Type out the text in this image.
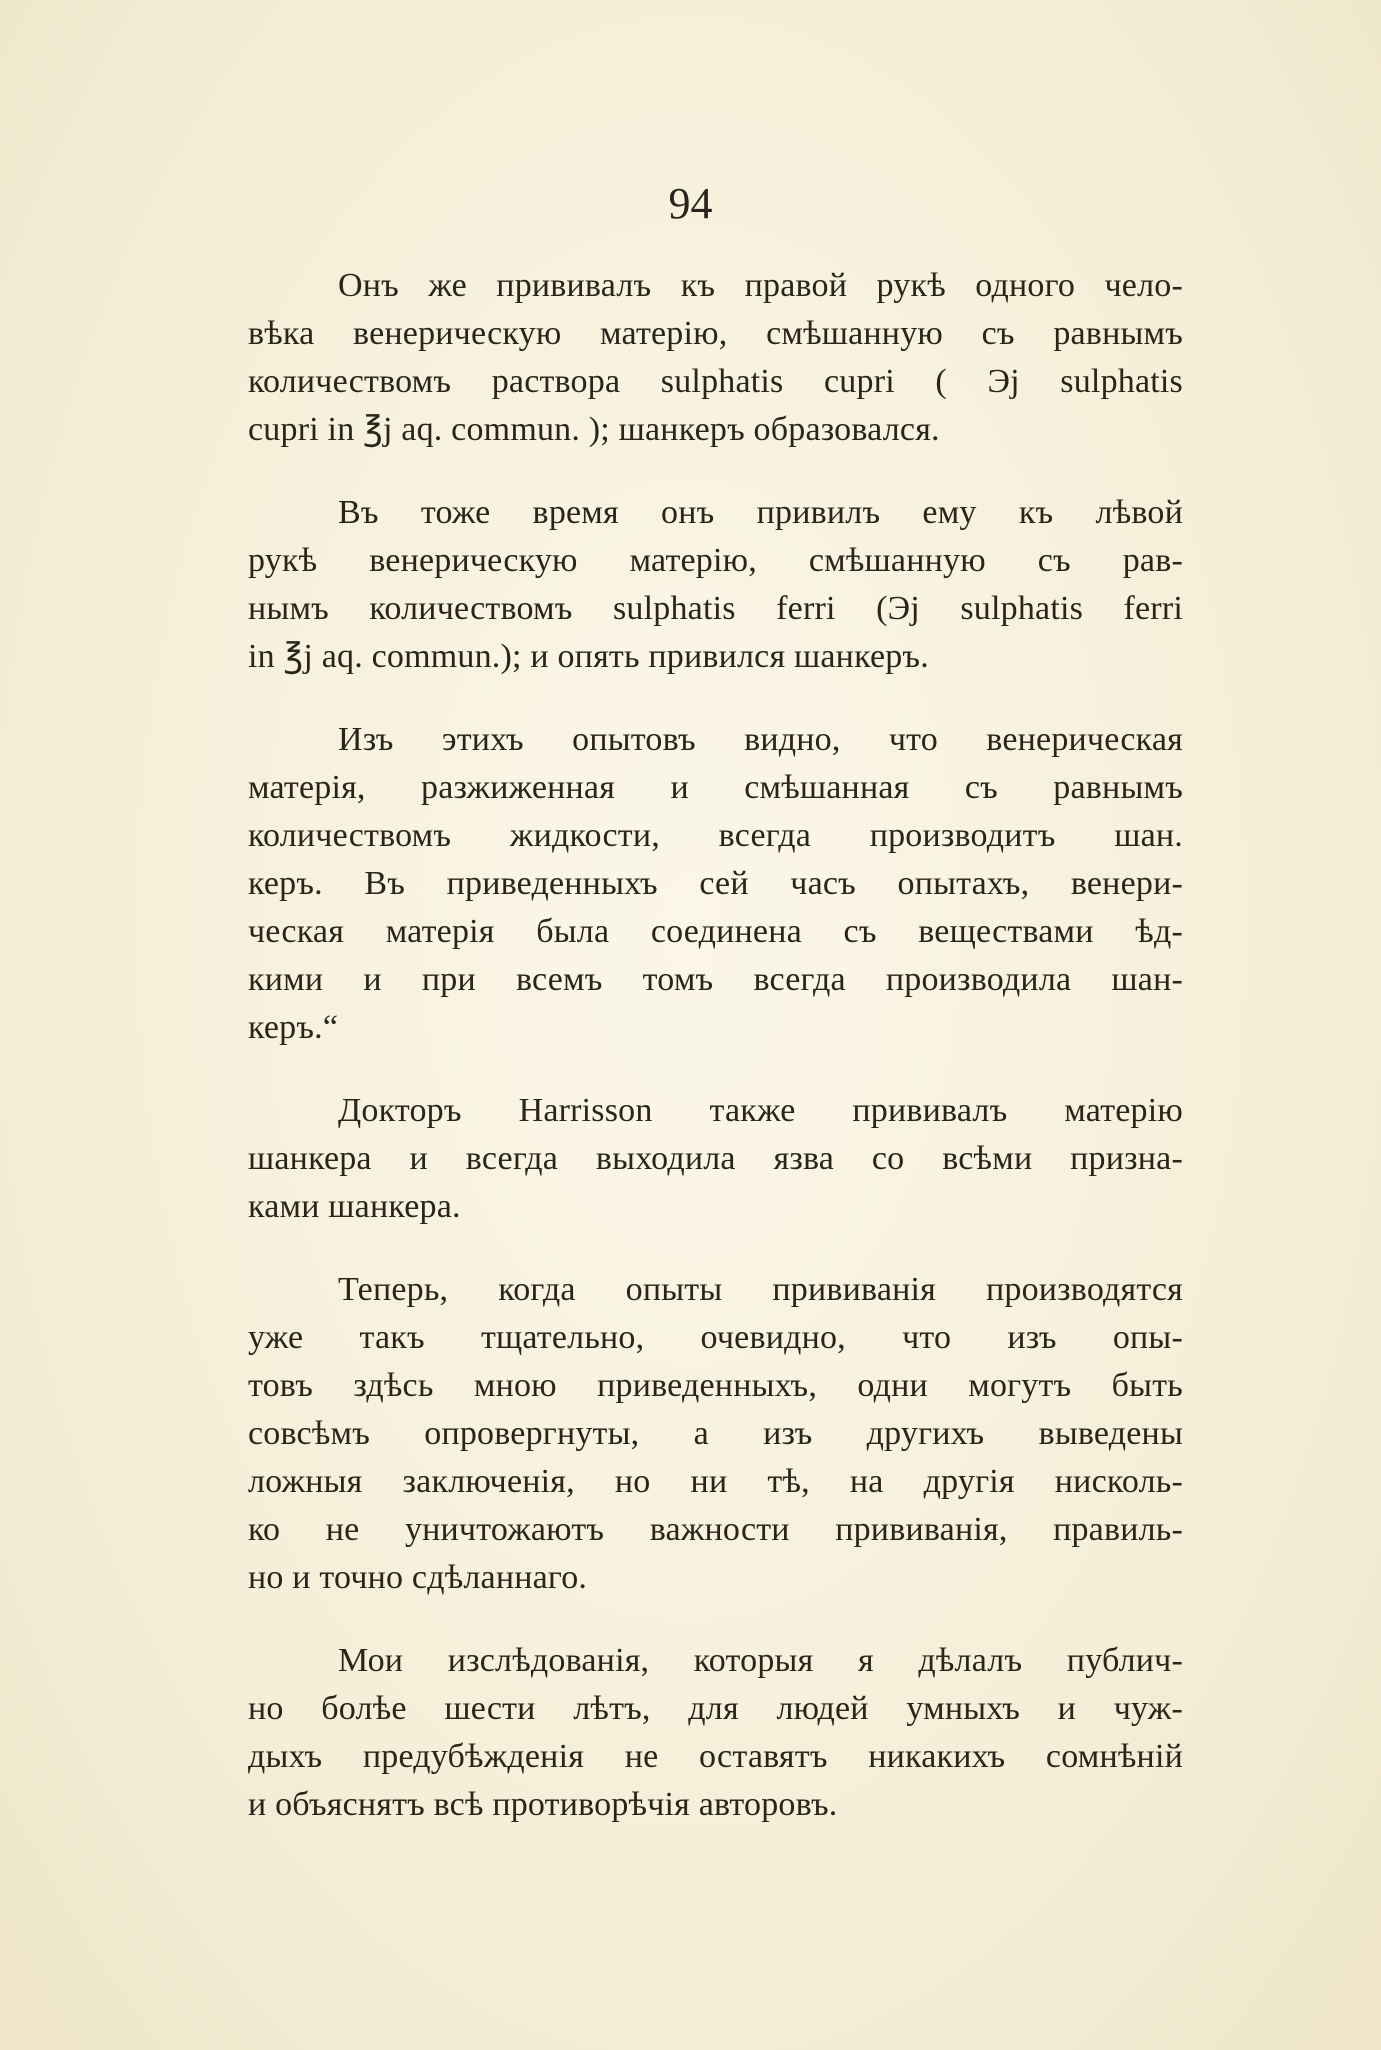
94
Онъ же прививалъ къ правой рукѣ одного чело-
вѣка венерическую матерію, смѣшанную съ равнымъ
количествомъ раствора sulphatis cupri ( Эj sulphatis
cupri in ℥j aq. commun. ); шанкеръ образовался.
Въ тоже время онъ привилъ ему къ лѣвой
рукѣ венерическую матерію, смѣшанную съ рав-
нымъ количествомъ sulphatis ferri (Эj sulphatis ferri
in ℥j aq. commun.); и опять привился шанкеръ.
Изъ этихъ опытовъ видно, что венерическая
матерія, разжиженная и смѣшанная съ равнымъ
количествомъ жидкости, всегда производитъ шан.
керъ. Въ приведенныхъ сей часъ опытахъ, венери-
ческая матерія была соединена съ веществами ѣд-
кими и при всемъ томъ всегда производила шан-
керъ.“
Докторъ Harrisson также прививалъ матерію
шанкера и всегда выходила язва со всѣми призна-
ками шанкера.
Теперь, когда опыты прививанія производятся
уже такъ тщательно, очевидно, что изъ опы-
товъ здѣсь мною приведенныхъ, одни могутъ быть
совсѣмъ опровергнуты, а изъ другихъ выведены
ложныя заключенія, но ни тѣ, на другія нисколь-
ко не уничтожаютъ важности прививанія, правиль-
но и точно сдѣланнаго.
Мои изслѣдованія, которыя я дѣлалъ публич-
но болѣе шести лѣтъ, для людей умныхъ и чуж-
дыхъ предубѣжденія не оставятъ никакихъ сомнѣній
и объяснятъ всѣ противорѣчія авторовъ.
